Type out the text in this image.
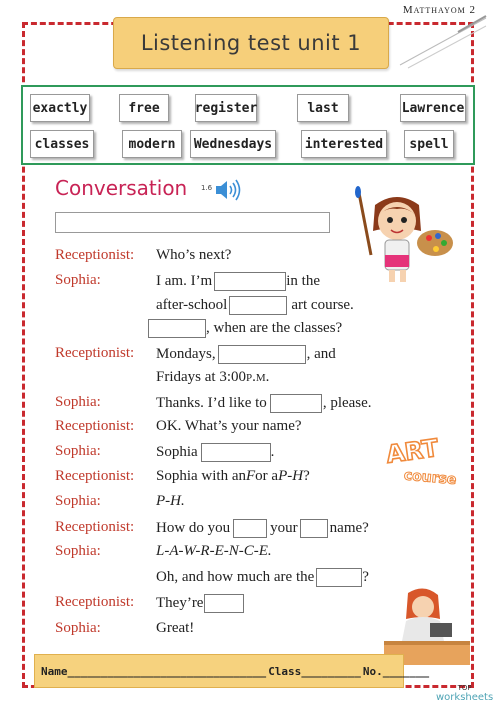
Matthayom 2
Listening test unit 1
exactly	free	register	last	Lawrence
classes	modern	Wednesdays	interested	spell
Conversation 1.6
Receptionist: Who’s next?
Sophia:	I am. I’m	in the
after-school	art course.
, when are the classes?
Receptionist: Mondays,	, and
Fridays at 3:00 p.m.
Sophia:	Thanks. I’d like to	, please.
Receptionist: OK. What’s your name?
Sophia:	Sophia	.
Receptionist: Sophia with an F or a P-H ?
Sophia:	P-H.
Receptionist: How do you	your name?
Sophia:	L-A-W-R-E-N-C-E.
Oh, and how much are the	?
Receptionist: They’re
Sophia:	Great!
ART
course
Name ______________________________ Class _________ No. _______
TOP
worksheets
